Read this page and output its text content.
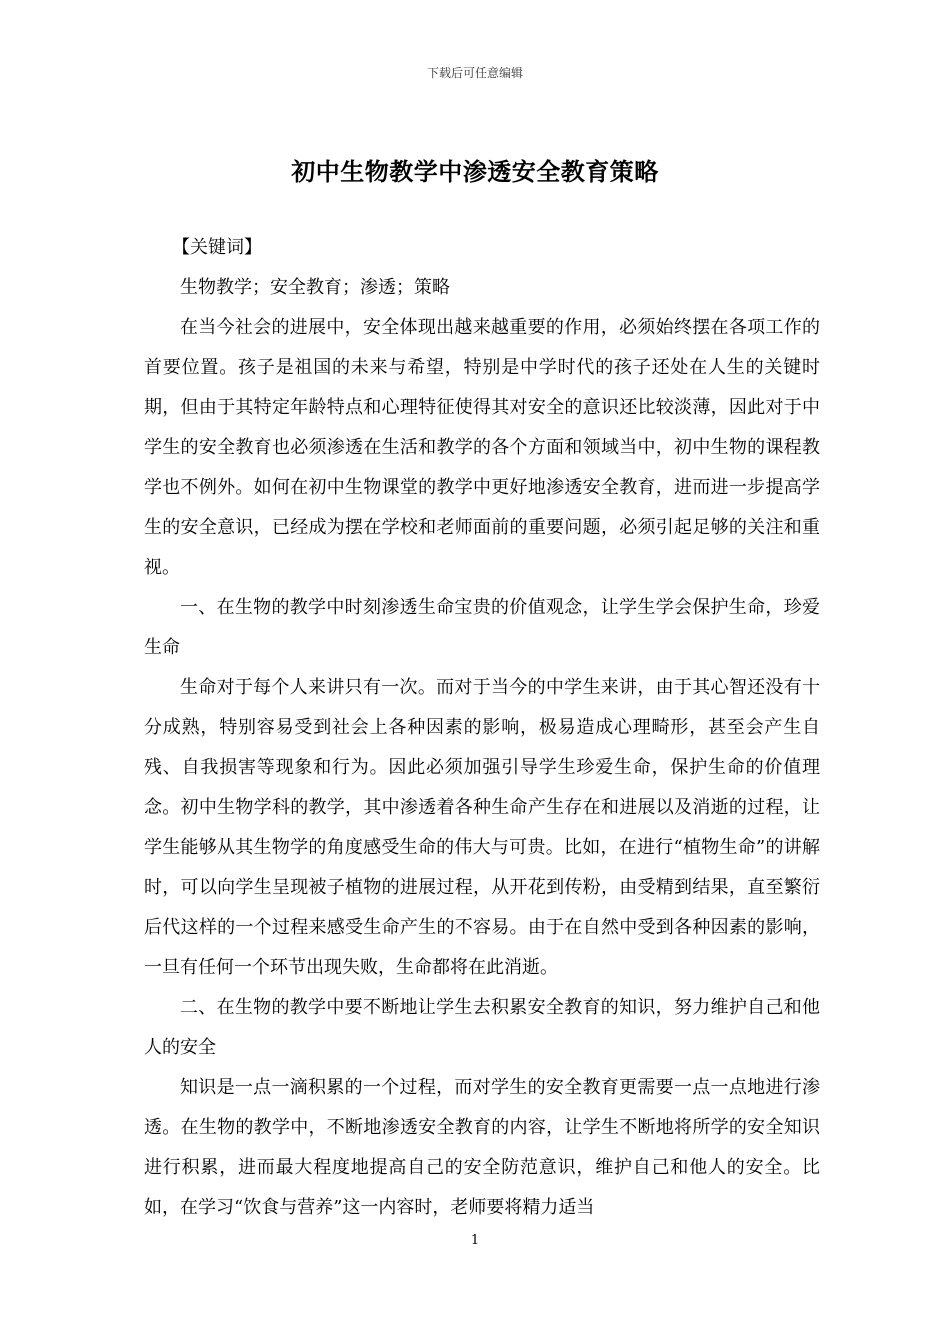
下载后可任意编辑
初中生物教学中渗透安全教育策略

【关键词】

生物教学；安全教育；渗透；策略

在当今社会的进展中，安全体现出越来越重要的作用，必须始终摆在各项工作的首要位置。孩子是祖国的未来与希望，特别是中学时代的孩子还处在人生的关键时期，但由于其特定年龄特点和心理特征使得其对安全的意识还比较淡薄，因此对于中学生的安全教育也必须渗透在生活和教学的各个方面和领域当中，初中生物的课程教学也不例外。如何在初中生物课堂的教学中更好地渗透安全教育，进而进一步提高学生的安全意识，已经成为摆在学校和老师面前的重要问题，必须引起足够的关注和重视。

一、在生物的教学中时刻渗透生命宝贵的价值观念，让学生学会保护生命，珍爱生命

生命对于每个人来讲只有一次。而对于当今的中学生来讲，由于其心智还没有十分成熟，特别容易受到社会上各种因素的影响，极易造成心理畸形，甚至会产生自残、自我损害等现象和行为。因此必须加强引导学生珍爱生命，保护生命的价值理念。初中生物学科的教学，其中渗透着各种生命产生存在和进展以及消逝的过程，让学生能够从其生物学的角度感受生命的伟大与可贵。比如，在进行“植物生命”的讲解时，可以向学生呈现被子植物的进展过程，从开花到传粉，由受精到结果，直至繁衍后代这样的一个过程来感受生命产生的不容易。由于在自然中受到各种因素的影响，一旦有任何一个环节出现失败，生命都将在此消逝。

二、在生物的教学中要不断地让学生去积累安全教育的知识，努力维护自己和他人的安全

知识是一点一滴积累的一个过程，而对学生的安全教育更需要一点一点地进行渗透。在生物的教学中，不断地渗透安全教育的内容，让学生不断地将所学的安全知识进行积累，进而最大程度地提高自己的安全防范意识，维护自己和他人的安全。比如，在学习“饮食与营养”这一内容时，老师要将精力适当

1
